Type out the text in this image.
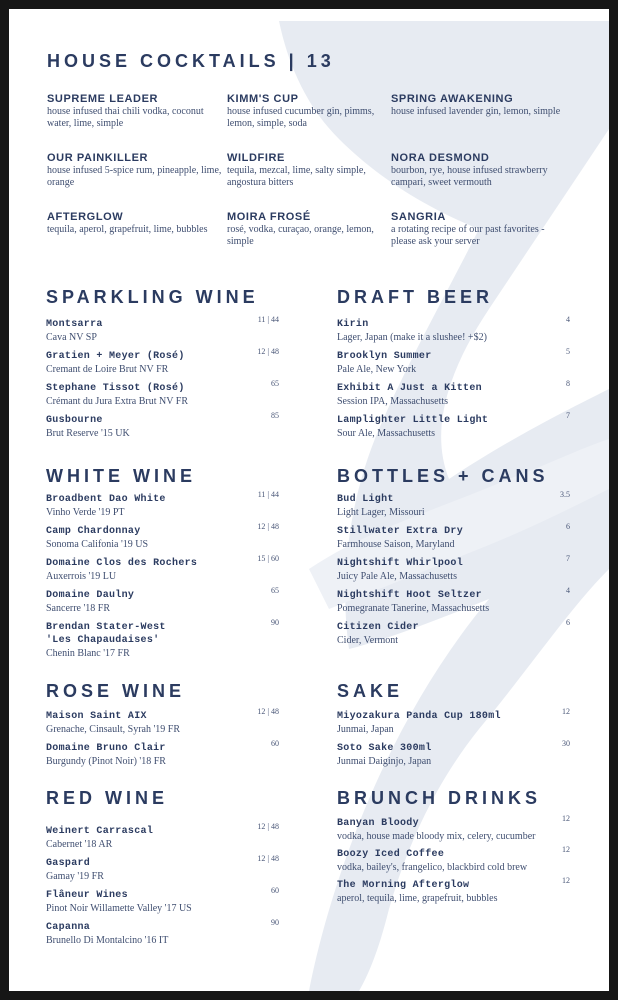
HOUSE COCKTAILS | 13
SUPREME LEADER
house infused thai chili vodka, coconut water, lime, simple
KIMM'S CUP
house infused cucumber gin, pimms, lemon, simple, soda
SPRING AWAKENING
house infused lavender gin, lemon, simple
OUR PAINKILLER
house infused 5-spice rum, pineapple, lime, orange
WILDFIRE
tequila, mezcal, lime, salty simple, angostura bitters
NORA DESMOND
bourbon, rye, house infused strawberry campari, sweet vermouth
AFTERGLOW
tequila, aperol, grapefruit, lime, bubbles
MOIRA FROSÉ
rosé, vodka, curaçao, orange, lemon, simple
SANGRIA
a rotating recipe of our past favorites - please ask your server
SPARKLING WINE	DRAFT BEER
Montsarra
Cava NV SP
11 | 44
Gratien + Meyer (Rosé)
Cremant de Loire Brut NV FR
12 | 48
Stephane Tissot (Rosé)
Crémant du Jura Extra Brut NV FR
65
Gusbourne
Brut Reserve '15 UK
85
Kirin
Lager, Japan (make it a slushee! +$2)
4
Brooklyn Summer
Pale Ale, New York
5
Exhibit A Just a Kitten
Session IPA, Massachusetts
8
Lamplighter Little Light
Sour Ale, Massachusetts
7
WHITE WINE	BOTTLES + CANS
Broadbent Dao White
Vinho Verde '19 PT
11 | 44
Camp Chardonnay
Sonoma Califonia '19 US
12 | 48
Domaine Clos des Rochers
Auxerrois '19 LU
15 | 60
Domaine Daulny
Sancerre '18 FR
65
Brendan Stater-West
'Les Chapaudaises'
Chenin Blanc '17 FR
90
Bud Light
Light Lager, Missouri
3.5
Stillwater Extra Dry
Farmhouse Saison, Maryland
6
Nightshift Whirlpool
Juicy Pale Ale, Massachusetts
7
Nightshift Hoot Seltzer
Pomegranate Tanerine, Massachusetts
4
Citizen Cider
Cider, Vermont
6
ROSE WINE	SAKE
Maison Saint AIX
Grenache, Cinsault, Syrah '19 FR
12 | 48
Domaine Bruno Clair
Burgundy (Pinot Noir) '18 FR
60
Miyozakura Panda Cup 180ml
Junmai, Japan
12
Soto Sake 300ml
Junmai Daiginjo, Japan
30
RED WINE	BRUNCH DRINKS
Weinert Carrascal
Cabernet '18 AR
12 | 48
Gaspard
Gamay '19 FR
12 | 48
Flâneur Wines
Pinot Noir Willamette Valley '17 US
60
Capanna
Brunello Di Montalcino '16 IT
90
Banyan Bloody
vodka, house made bloody mix, celery, cucumber
12
Boozy Iced Coffee
vodka, bailey's, frangelico, blackbird cold brew
12
The Morning Afterglow
aperol, tequila, lime, grapefruit, bubbles
12
